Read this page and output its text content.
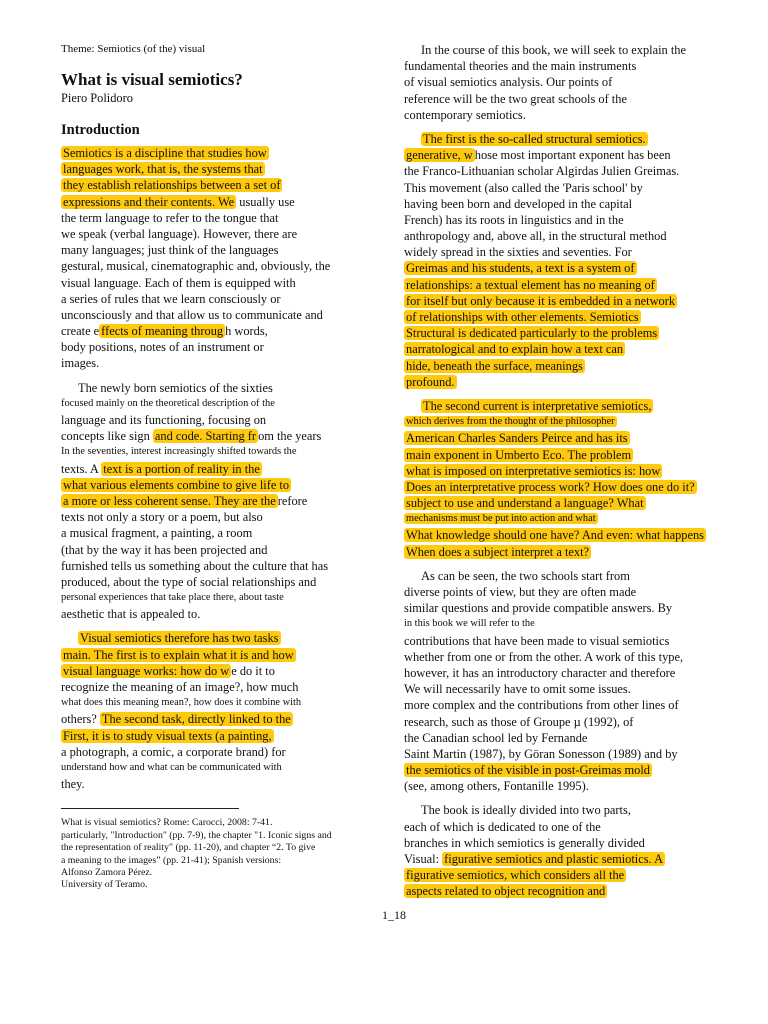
Theme: Semiotics (of the) visual
What is visual semiotics?
Piero Polidoro
Introduction
Semiotics is a discipline that studies how
languages work, that is, the systems that
they establish relationships between a set of
expressions and their contents. We usually use
the term language to refer to the tongue that
we speak (verbal language). However, there are
many languages; just think of the languages
gestural, musical, cinematographic and, obviously, the
visual language. Each of them is equipped with
a series of rules that we learn consciously or
unconsciously and that allow us to communicate and
create e ffects of meaning throug h words,
body positions, notes of an instrument or
images.
The newly born semiotics of the sixties
focused mainly on the theoretical description of the
language and its functioning, focusing on
concepts like sign and code. Starting fr om the years
In the seventies, interest increasingly shifted towards the
texts. A text is a portion of reality in the
what various elements combine to give life to
a more or less coherent sense. They are the refore
texts not only a story or a poem, but also
a musical fragment, a painting, a room
(that by the way it has been projected and
furnished tells us something about the culture that has
produced, about the type of social relationships and
personal experiences that take place there, about taste
aesthetic that is appealed to.
Visual semiotics therefore has two tasks
main. The first is to explain what it is and how
visual language works: how do w e do it to
recognize the meaning of an image?, how much
what does this meaning mean?, how does it combine with
others? The second task, directly linked to the
First, it is to study visual texts (a painting,
a photograph, a comic, a corporate brand) for
understand how and what can be communicated with
they.
What is visual semiotics? Rome: Carocci, 2008: 7-41.
particularly, "Introduction" (pp. 7-9), the chapter "1. Iconic signs and
the representation of reality" (pp. 11-20), and chapter “2. To give
a meaning to the images” (pp. 21-41); Spanish versions:
Alfonso Zamora Pérez.
University of Teramo.
In the course of this book, we will seek to explain the
fundamental theories and the main instruments
of visual semiotics analysis. Our points of
reference will be the two great schools of the
contemporary semiotics.
The first is the so-called structural semiotics.
generative, w hose most important exponent has been
the Franco-Lithuanian scholar Algirdas Julien Greimas.
This movement (also called the 'Paris school' by
having been born and developed in the capital
French) has its roots in linguistics and in the
anthropology and, above all, in the structural method
widely spread in the sixties and seventies. For
Greimas and his students, a text is a system of
relationships: a textual element has no meaning of
for itself but only because it is embedded in a network
of relationships with other elements. Semiotics
Structural is dedicated particularly to the problems
narratological and to explain how a text can
hide, beneath the surface, meanings
profound.
The second current is interpretative semiotics,
which derives from the thought of the philosopher
American Charles Sanders Peirce and has its
main exponent in Umberto Eco. The problem
what is imposed on interpretative semiotics is: how
Does an interpretative process work? How does one do it?
subject to use and understand a language? What
mechanisms must be put into action and what
What knowledge should one have? And even: what happens
When does a subject interpret a text?
As can be seen, the two schools start from
diverse points of view, but they are often made
similar questions and provide compatible answers. By
in this book we will refer to the
contributions that have been made to visual semiotics
whether from one or from the other. A work of this type,
however, it has an introductory character and therefore
We will necessarily have to omit some issues.
more complex and the contributions from other lines of
research, such as those of Groupe µ (1992), of
the Canadian school led by Fernande
Saint Martin (1987), by Göran Sonesson (1989) and by
the semiotics of the visible in post-Greimas mold
(see, among others, Fontanille 1995).
The book is ideally divided into two parts,
each of which is dedicated to one of the
branches in which semiotics is generally divided
Visual: figurative semiotics and plastic semiotics. A
figurative semiotics, which considers all the
aspects related to object recognition and
1_18
